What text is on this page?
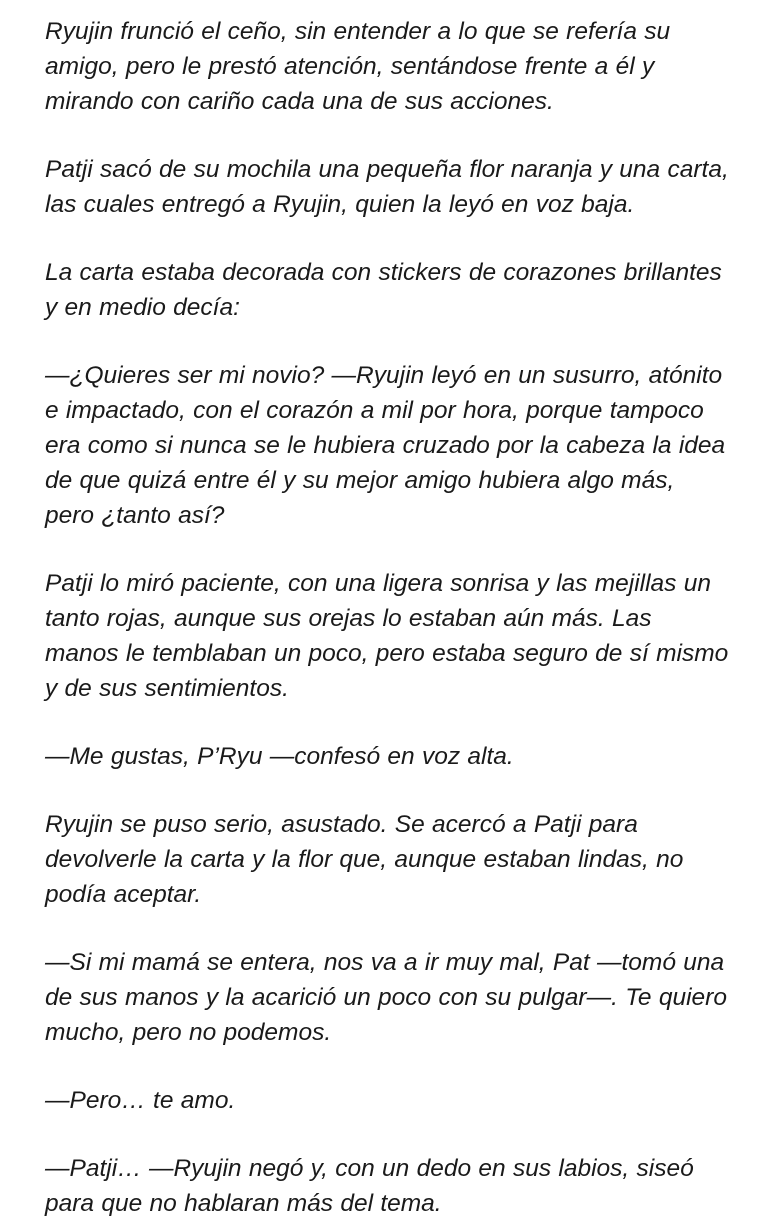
Ryujin frunció el ceño, sin entender a lo que se refería su amigo, pero le prestó atención, sentándose frente a él y mirando con cariño cada una de sus acciones.

Patji sacó de su mochila una pequeña flor naranja y una carta, las cuales entregó a Ryujin, quien la leyó en voz baja.

La carta estaba decorada con stickers de corazones brillantes y en medio decía:

—¿Quieres ser mi novio? —Ryujin leyó en un susurro, atónito e impactado, con el corazón a mil por hora, porque tampoco era como si nunca se le hubiera cruzado por la cabeza la idea de que quizá entre él y su mejor amigo hubiera algo más, pero ¿tanto así?

Patji lo miró paciente, con una ligera sonrisa y las mejillas un tanto rojas, aunque sus orejas lo estaban aún más. Las manos le temblaban un poco, pero estaba seguro de sí mismo y de sus sentimientos.

—Me gustas, P’Ryu —confesó en voz alta.

Ryujin se puso serio, asustado. Se acercó a Patji para devolverle la carta y la flor que, aunque estaban lindas, no podía aceptar.

—Si mi mamá se entera, nos va a ir muy mal, Pat —tomó una de sus manos y la acarició un poco con su pulgar—. Te quiero mucho, pero no podemos.

—Pero… te amo.

—Patji… —Ryujin negó y, con un dedo en sus labios, siseó para que no hablaran más del tema.
